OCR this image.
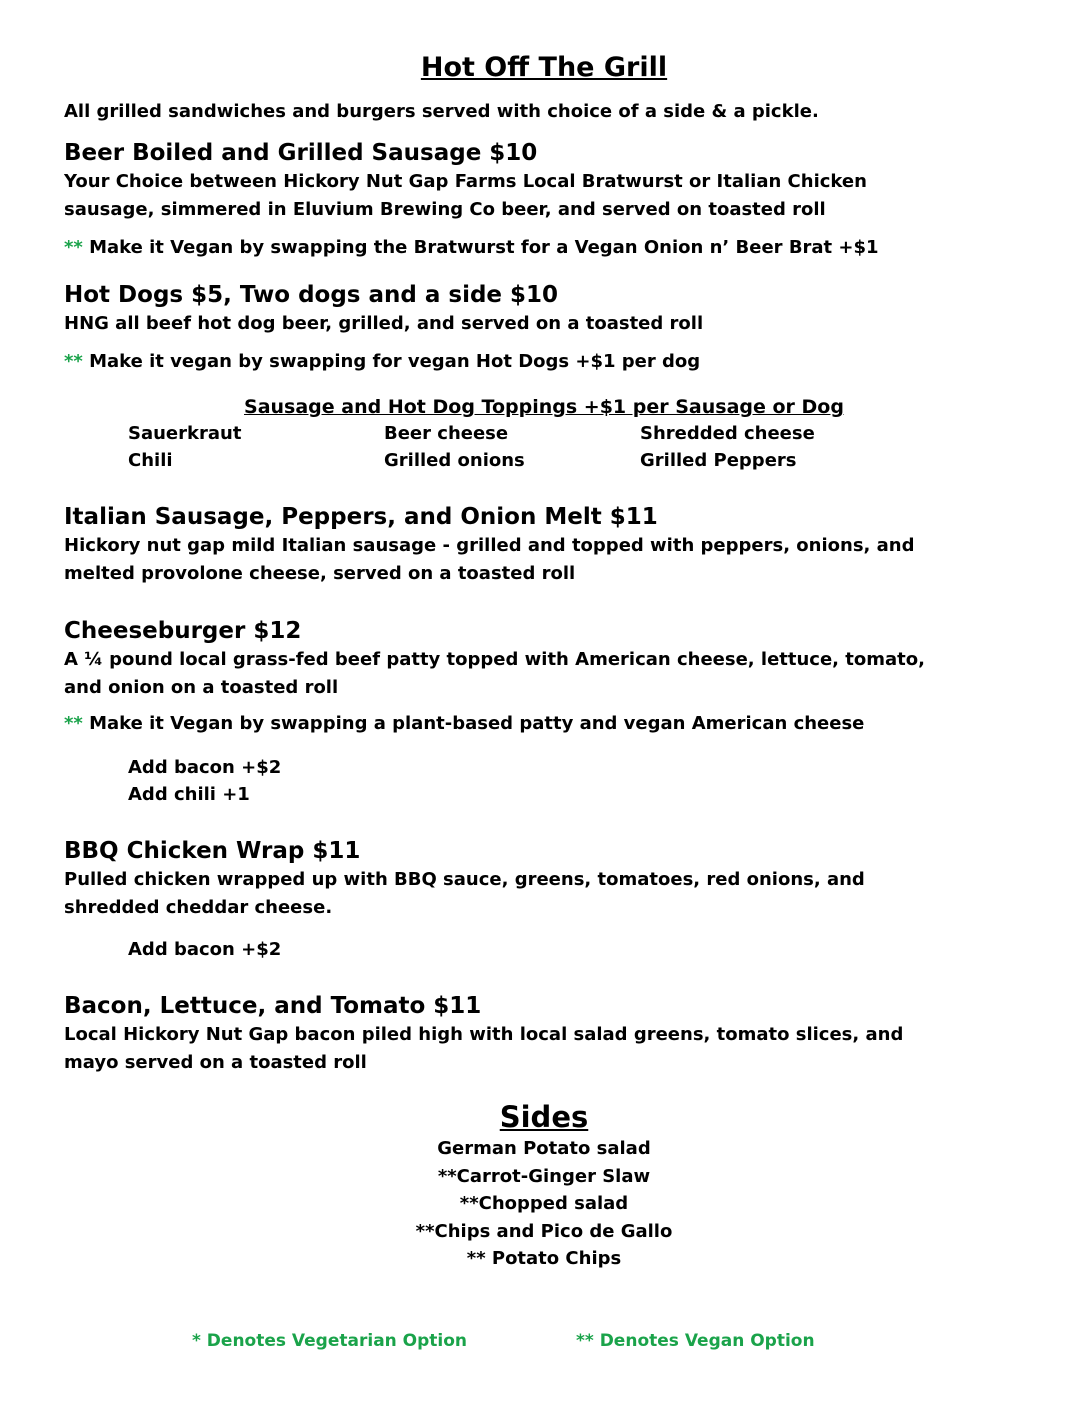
Hot Off The Grill
All grilled sandwiches and burgers served with choice of a side & a pickle.
Beer Boiled and Grilled Sausage $10
Your Choice between Hickory Nut Gap Farms Local Bratwurst or Italian Chicken
sausage, simmered in Eluvium Brewing Co beer, and served on toasted roll
** Make it Vegan by swapping the Bratwurst for a Vegan Onion n’ Beer Brat +$1
Hot Dogs $5, Two dogs and a side $10
HNG all beef hot dog beer, grilled, and served on a toasted roll
** Make it vegan by swapping for vegan Hot Dogs +$1 per dog
Sausage and Hot Dog Toppings +$1 per Sausage or Dog
Sauerkraut	Beer cheese	Shredded cheese
Chili	Grilled onions	Grilled Peppers
Italian Sausage, Peppers, and Onion Melt $11
Hickory nut gap mild Italian sausage - grilled and topped with peppers, onions, and
melted provolone cheese, served on a toasted roll
Cheeseburger $12
A ¼ pound local grass-fed beef patty topped with American cheese, lettuce, tomato,
and onion on a toasted roll
** Make it Vegan by swapping a plant-based patty and vegan American cheese
Add bacon +$2
Add chili +1
BBQ Chicken Wrap $11
Pulled chicken wrapped up with BBQ sauce, greens, tomatoes, red onions, and
shredded cheddar cheese.
Add bacon +$2
Bacon, Lettuce, and Tomato $11
Local Hickory Nut Gap bacon piled high with local salad greens, tomato slices, and
mayo served on a toasted roll
Sides
German Potato salad
**Carrot-Ginger Slaw
**Chopped salad
**Chips and Pico de Gallo
** Potato Chips
* Denotes Vegetarian Option	** Denotes Vegan Option
